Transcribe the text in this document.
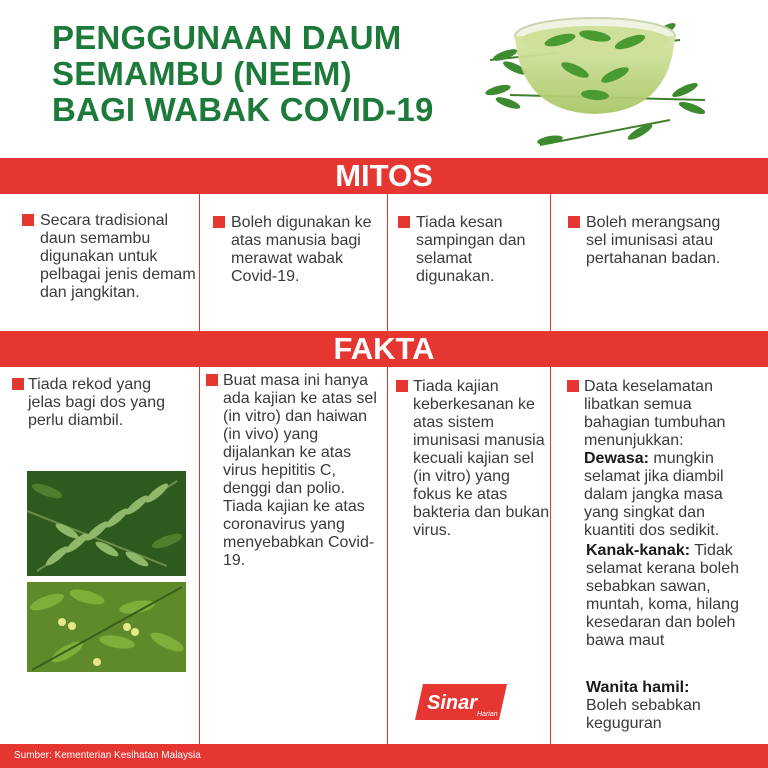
PENGGUNAAN DAUM
SEMAMBU (NEEM)
BAGI WABAK COVID-19
MITOS
Secara tradisional daun semambu digunakan untuk pelbagai jenis demam dan jangkitan.
Boleh digunakan ke atas manusia bagi merawat wabak Covid-19.
Tiada kesan sampingan dan selamat digunakan.
Boleh merangsang sel imunisasi atau pertahanan badan.
FAKTA
Tiada rekod yang jelas bagi dos yang perlu diambil.
Buat masa ini hanya ada kajian ke atas sel (in vitro) dan haiwan (in vivo) yang dijalankan ke atas virus hepititis C, denggi dan polio. Tiada kajian ke atas coronavirus yang menyebabkan Covid-19.
Tiada kajian keberkesanan ke atas sistem imunisasi manusia kecuali kajian sel (in vitro) yang fokus ke atas bakteria dan bukan virus.
Data keselamatan libatkan semua bahagian tumbuhan menunjukkan:
Dewasa: mungkin selamat jika diambil dalam jangka masa yang singkat dan kuantiti dos sedikit.
Kanak-kanak: Tidak selamat kerana boleh sebabkan sawan, muntah, koma, hilang kesedaran dan boleh bawa maut
Wanita hamil:
Boleh sebabkan keguguran
Sinar
Harian
Sumber: Kementerian Kesihatan Malaysia
